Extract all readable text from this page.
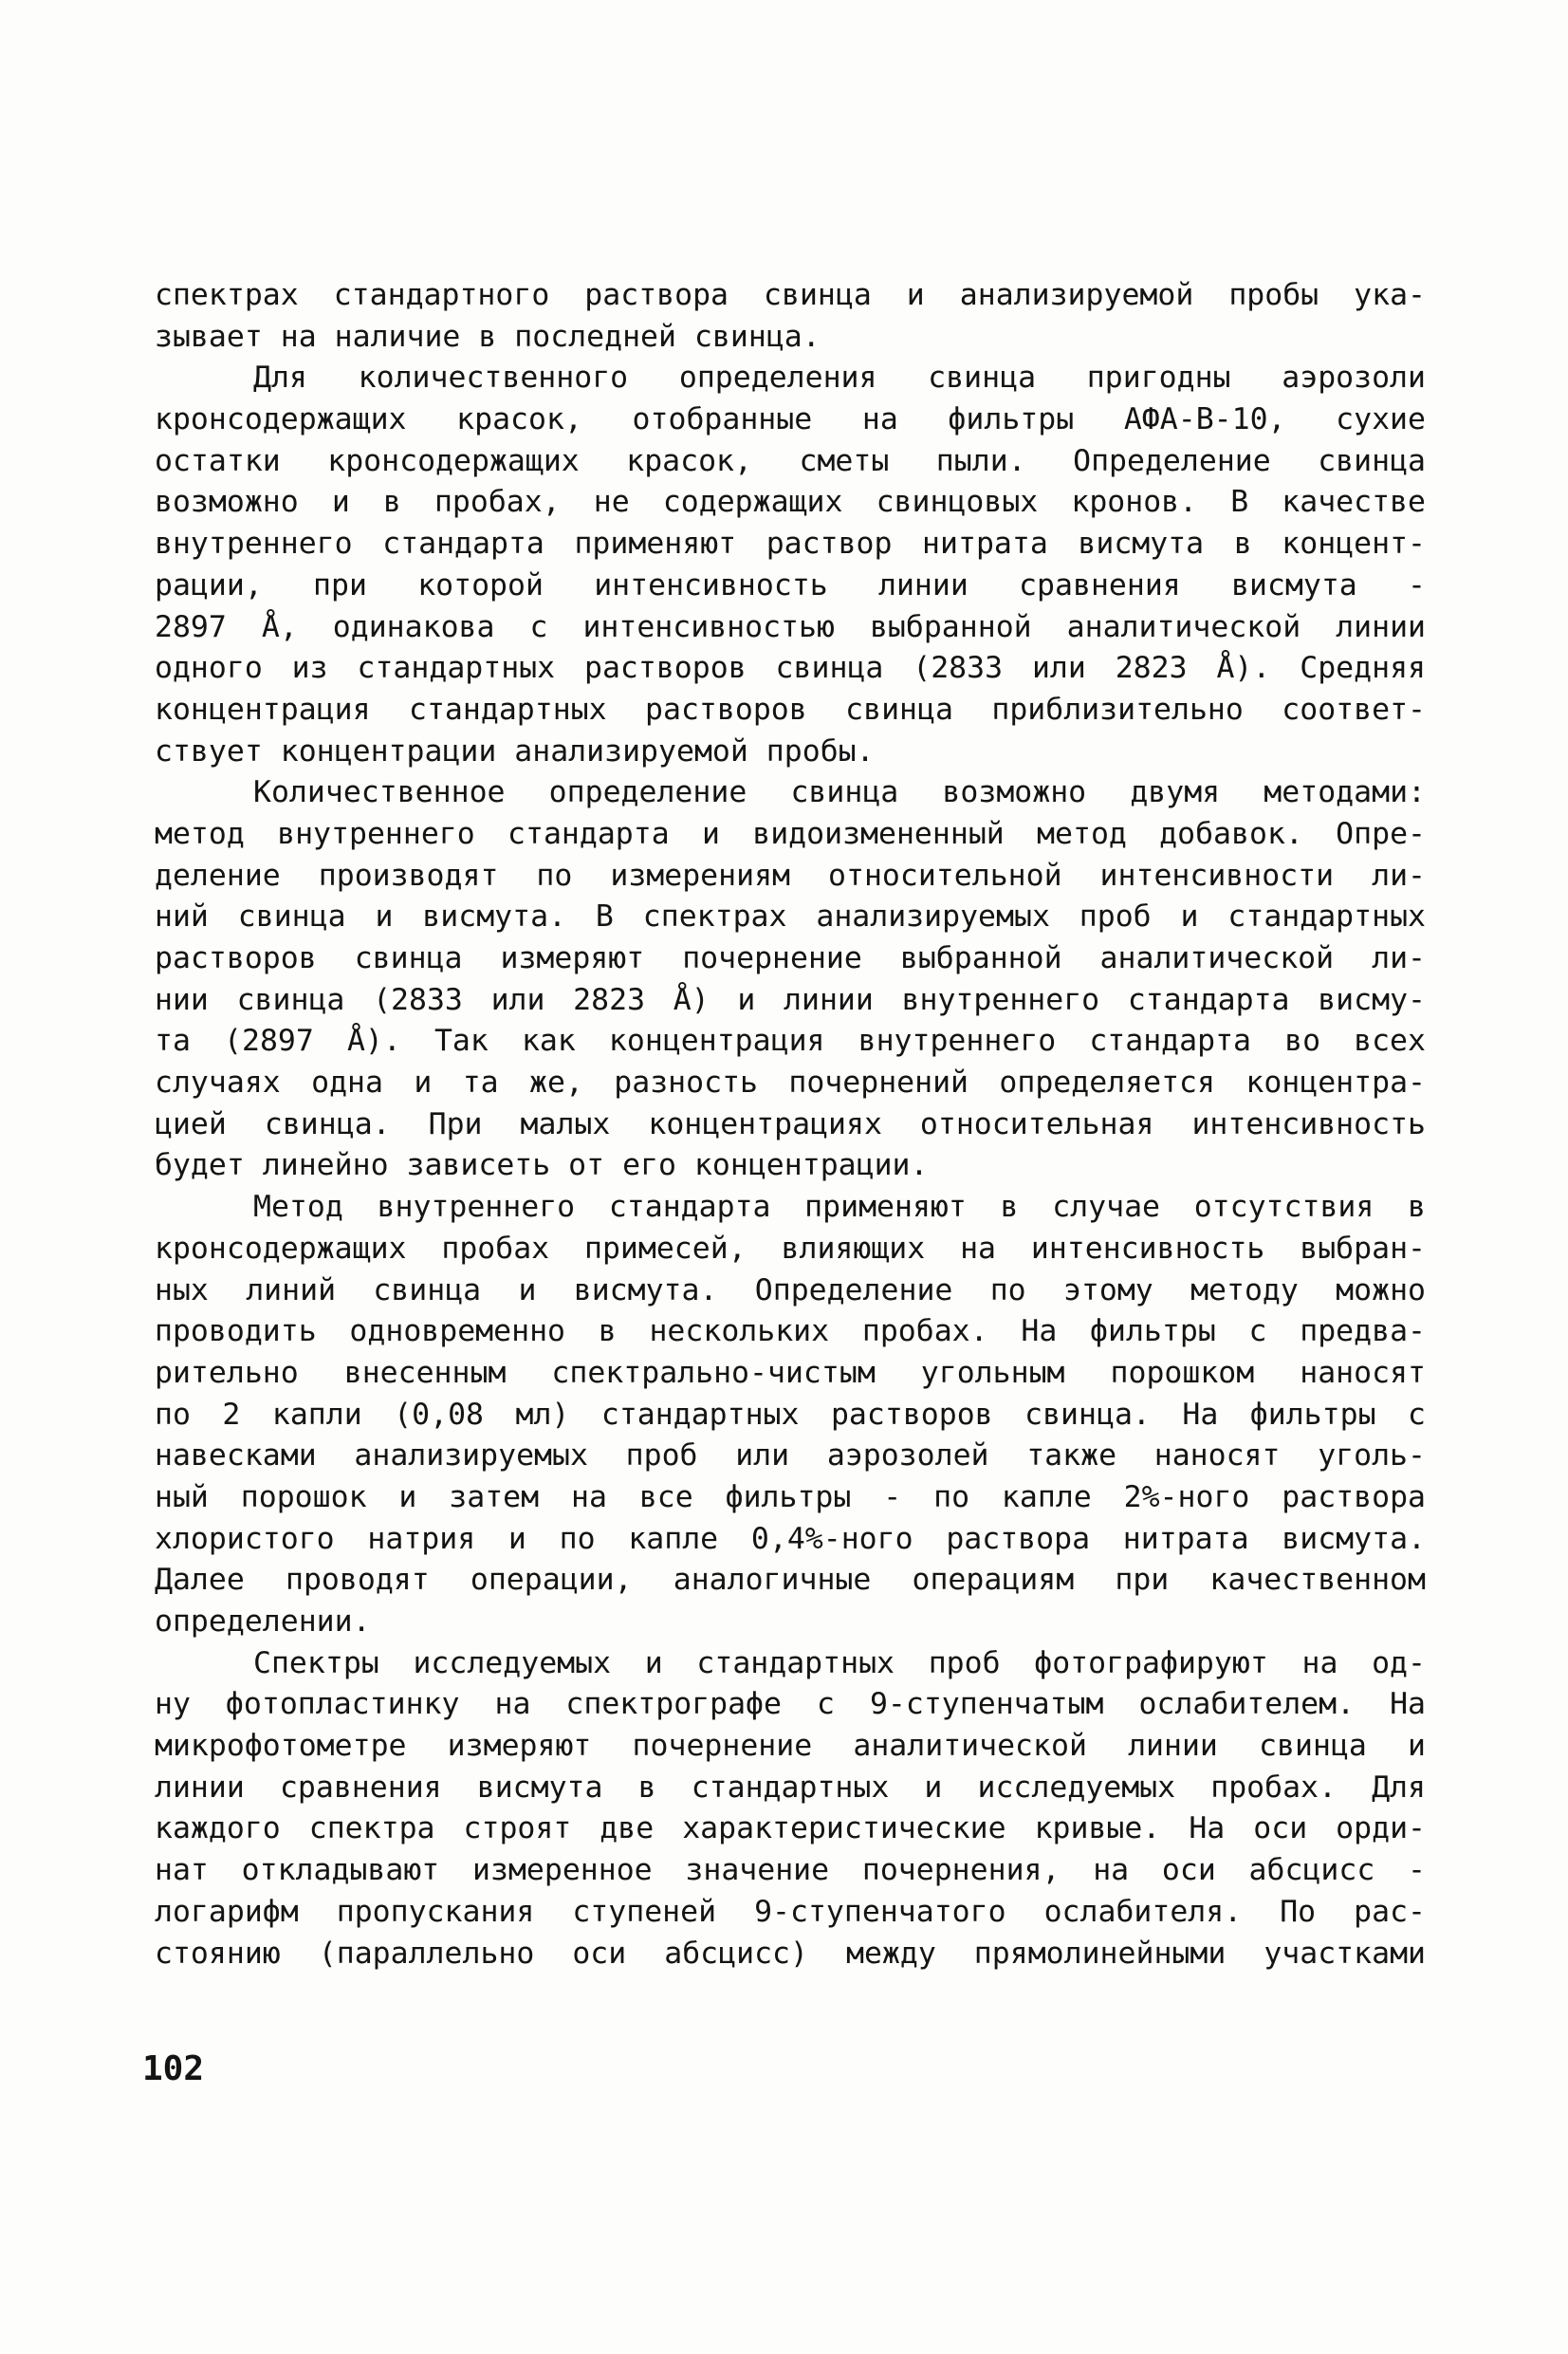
спектрах стандартного раствора свинца и анализируемой пробы ука-
зывает на наличие в последней свинца.
Для количественного определения свинца пригодны аэрозоли
кронсодержащих красок, отобранные на фильтры АФА-В-10, сухие
остатки кронсодержащих красок, сметы пыли. Определение свинца
возможно и в пробах, не содержащих свинцовых кронов. В качестве
внутреннего стандарта применяют раствор нитрата висмута в концент-
рации, при которой интенсивность линии сравнения висмута -
2897 Å, одинакова с интенсивностью выбранной аналитической линии
одного из стандартных растворов свинца (2833 или 2823 Å). Средняя
концентрация стандартных растворов свинца приблизительно соответ-
ствует концентрации анализируемой пробы.
Количественное определение свинца возможно двумя методами:
метод внутреннего стандарта и видоизмененный метод добавок. Опре-
деление производят по измерениям относительной интенсивности ли-
ний свинца и висмута. В спектрах анализируемых проб и стандартных
растворов свинца измеряют почернение выбранной аналитической ли-
нии свинца (2833 или 2823 Å) и линии внутреннего стандарта висму-
та (2897 Å). Так как концентрация внутреннего стандарта во всех
случаях одна и та же, разность почернений определяется концентра-
цией свинца. При малых концентрациях относительная интенсивность
будет линейно зависеть от его концентрации.
Метод внутреннего стандарта применяют в случае отсутствия в
кронсодержащих пробах примесей, влияющих на интенсивность выбран-
ных линий свинца и висмута. Определение по этому методу можно
проводить одновременно в нескольких пробах. На фильтры с предва-
рительно внесенным спектрально-чистым угольным порошком наносят
по 2 капли (0,08 мл) стандартных растворов свинца. На фильтры с
навесками анализируемых проб или аэрозолей также наносят уголь-
ный порошок и затем на все фильтры - по капле 2%-ного раствора
хлористого натрия и по капле 0,4%-ного раствора нитрата висмута.
Далее проводят операции, аналогичные операциям при качественном
определении.
Спектры исследуемых и стандартных проб фотографируют на од-
ну фотопластинку на спектрографе с 9-ступенчатым ослабителем. На
микрофотометре измеряют почернение аналитической линии свинца и
линии сравнения висмута в стандартных и исследуемых пробах. Для
каждого спектра строят две характеристические кривые. На оси орди-
нат откладывают измеренное значение почернения, на оси абсцисс -
логарифм пропускания ступеней 9-ступенчатого ослабителя. По рас-
стоянию (параллельно оси абсцисс) между прямолинейными участками
102
